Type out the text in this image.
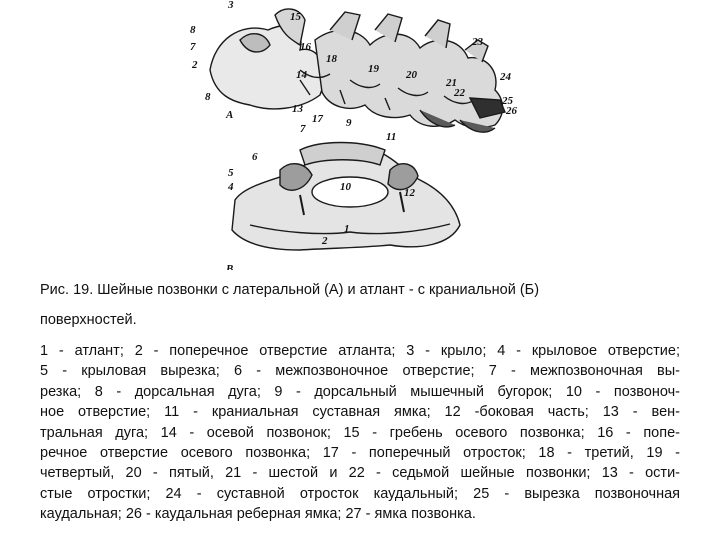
3
8
7
2
8
15
16
14
13
17
18
19 20
21
22
23
24
25
26
A
7	9
11
6
5
4	10	12
1
2
B
Рис. 19. Шейные позвонки с латеральной (А) и атлант - с краниальной (Б)
поверхностей.
1 - атлант; 2 - поперечное отверстие атланта; 3 - крыло; 4 - крыловое отверстие;
5 - крыловая вырезка; 6 - межпозвоночное отверстие; 7 - межпозвоночная вы-
резка; 8 - дорсальная дуга; 9 - дорсальный мышечный бугорок; 10 - позвоноч-
ное отверстие; 11 - краниальная суставная ямка; 12 -боковая часть; 13 - вен-
тральная дуга; 14 - осевой позвонок; 15 - гребень осевого позвонка; 16 - попе-
речное отверстие осевого позвонка; 17 - поперечный отросток; 18 - третий, 19 -
четвертый, 20 - пятый, 21 - шестой и 22 - седьмой шейные позвонки; 13 - ости-
стые отростки; 24 - суставной отросток каудальный; 25 - вырезка позвоночная
каудальная; 26 - каудальная реберная ямка; 27 - ямка позвонка.
